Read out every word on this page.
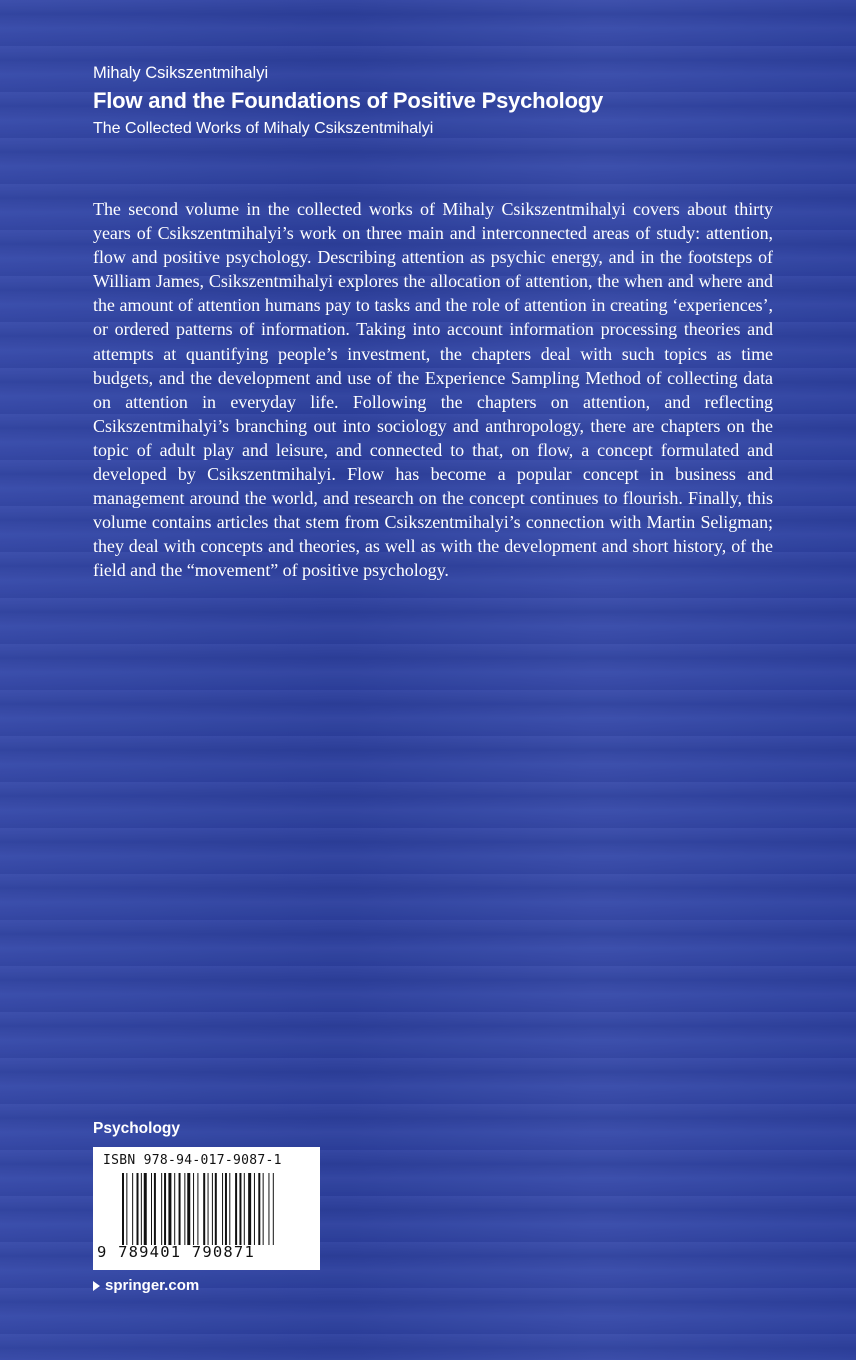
Mihaly Csikszentmihalyi

Flow and the Foundations of Positive Psychology

The Collected Works of Mihaly Csikszentmihalyi

The second volume in the collected works of Mihaly Csikszentmihalyi covers about thirty years of Csikszentmihalyi’s work on three main and interconnected areas of study: attention, flow and positive psychology. Describing attention as psychic energy, and in the footsteps of William James, Csikszentmihalyi explores the allocation of attention, the when and where and the amount of attention humans pay to tasks and the role of attention in creating ‘experiences’, or ordered patterns of information. Taking into account information processing theories and attempts at quantifying people’s investment, the chapters deal with such topics as time budgets, and the development and use of the Experience Sampling Method of collecting data on attention in everyday life. Following the chapters on attention, and reflecting Csikszentmihalyi’s branching out into sociology and anthropology, there are chapters on the topic of adult play and leisure, and connected to that, on flow, a concept formulated and developed by Csikszentmihalyi. Flow has become a popular concept in business and management around the world, and research on the concept continues to flourish. Finally, this volume contains articles that stem from Csikszentmihalyi’s connection with Martin Seligman; they deal with concepts and theories, as well as with the development and short history, of the field and the “movement” of positive psychology.

Psychology
ISBN 978-94-017-9087-1
9 789401 790871
springer.com
